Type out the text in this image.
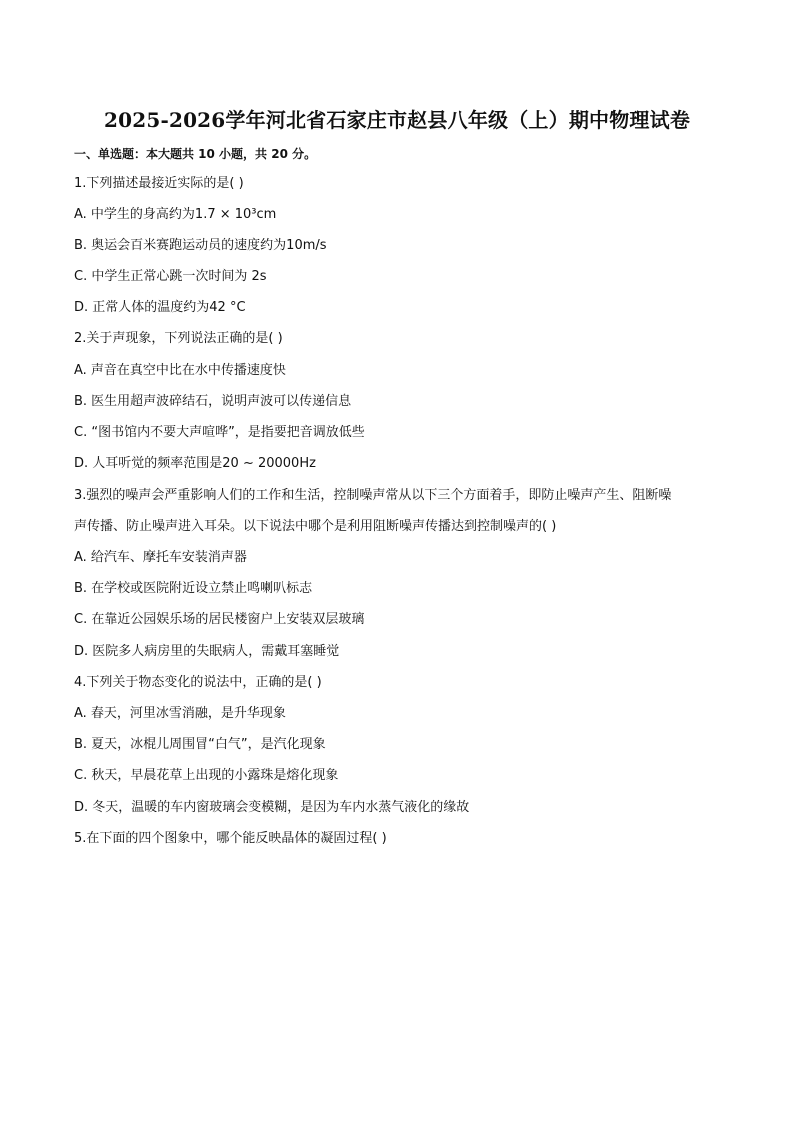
2025-2026学年河北省石家庄市赵县八年级（上）期中物理试卷
一、单选题：本大题共 10 小题，共 20 分。
1.下列描述最接近实际的是( )
A. 中学生的身高约为1.7 × 10³cm
B. 奥运会百米赛跑运动员的速度约为10m/s
C. 中学生正常心跳一次时间为 2s
D. 正常人体的温度约为42 °C
2.关于声现象，下列说法正确的是( )
A. 声音在真空中比在水中传播速度快
B. 医生用超声波碎结石，说明声波可以传递信息
C. “图书馆内不要大声喧哗”，是指要把音调放低些
D. 人耳听觉的频率范围是20 ~ 20000Hz
3.强烈的噪声会严重影响人们的工作和生活，控制噪声常从以下三个方面着手，即防止噪声产生、阻断噪
声传播、防止噪声进入耳朵。以下说法中哪个是利用阻断噪声传播达到控制噪声的( )
A. 给汽车、摩托车安装消声器
B. 在学校或医院附近设立禁止鸣喇叭标志
C. 在靠近公园娱乐场的居民楼窗户上安装双层玻璃
D. 医院多人病房里的失眠病人，需戴耳塞睡觉
4.下列关于物态变化的说法中，正确的是( )
A. 春天，河里冰雪消融，是升华现象
B. 夏天，冰棍儿周围冒“白气”，是汽化现象
C. 秋天，早晨花草上出现的小露珠是熔化现象
D. 冬天，温暖的车内窗玻璃会变模糊，是因为车内水蒸气液化的缘故
5.在下面的四个图象中，哪个能反映晶体的凝固过程( )
